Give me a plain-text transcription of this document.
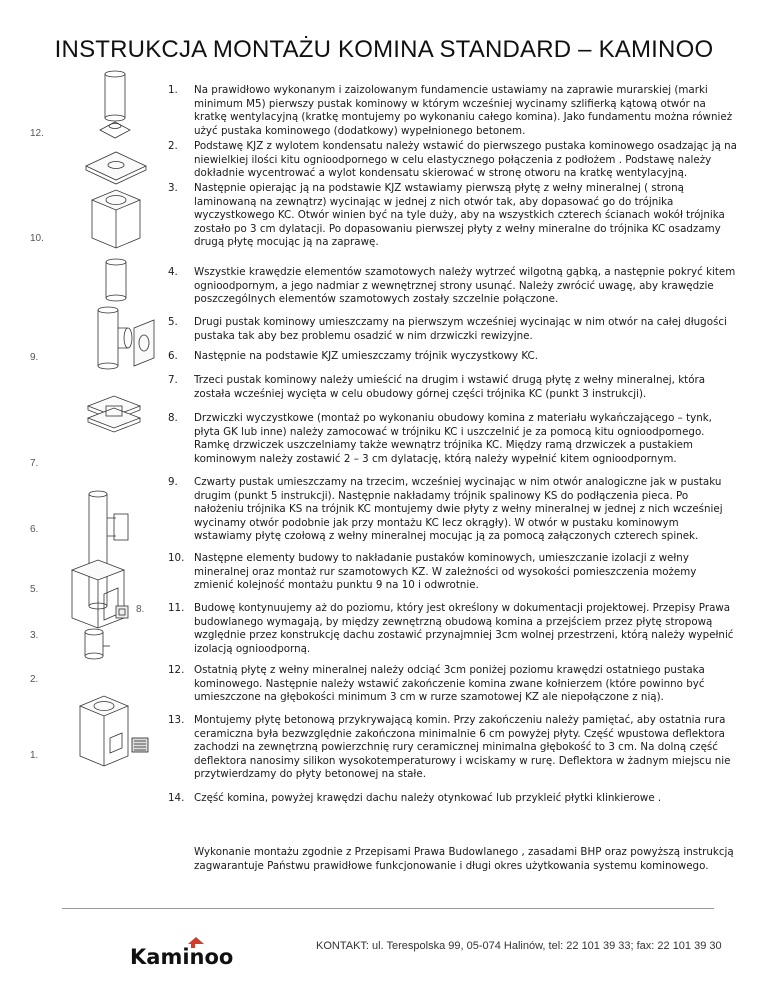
INSTRUKCJA MONTAŻU KOMINA STANDARD – KAMINOO
12.
10.
9.
7.
6.
5.
8.
3.
2.
1.
1.	Na prawidłowo wykonanym i zaizolowanym fundamencie ustawiamy na zaprawie murarskiej (marki minimum M5) pierwszy pustak kominowy w którym wcześniej wycinamy szlifierką kątową otwór na kratkę wentylacyjną (kratkę montujemy po wykonaniu całego komina). Jako fundamentu można również użyć pustaka kominowego (dodatkowy) wypełnionego betonem.
2.	Podstawę KJZ z wylotem kondensatu należy wstawić do pierwszego pustaka kominowego osadzając ją na niewielkiej ilości kitu ognioodpornego w celu elastycznego połączenia z podłożem . Podstawę należy dokładnie wycentrować a wylot kondensatu skierować w stronę otworu na kratkę wentylacyjną.
3.	Następnie opierając ją na podstawie KJZ wstawiamy pierwszą płytę z wełny mineralnej ( stroną laminowaną na zewnątrz) wycinając w jednej z nich otwór tak, aby dopasować go do trójnika wyczystkowego KC. Otwór winien być na tyle duży, aby na wszystkich czterech ścianach wokół trójnika zostało po 3 cm dylatacji. Po dopasowaniu pierwszej płyty z wełny mineralne do trójnika KC osadzamy drugą płytę mocując ją na zaprawę.
4.	Wszystkie krawędzie elementów szamotowych należy wytrzeć wilgotną gąbką, a następnie pokryć kitem ognioodpornym, a jego nadmiar z wewnętrznej strony usunąć. Należy zwrócić uwagę, aby krawędzie poszczególnych elementów szamotowych zostały szczelnie połączone.
5.	Drugi pustak kominowy umieszczamy na pierwszym wcześniej wycinając w nim otwór na całej długości pustaka tak aby bez problemu osadzić w nim drzwiczki rewizyjne.
6.	Następnie na podstawie KJZ umieszczamy trójnik wyczystkowy KC.
7.	Trzeci pustak kominowy należy umieścić na drugim i wstawić drugą płytę z wełny mineralnej, która została wcześniej wycięta w celu obudowy górnej części trójnika KC (punkt 3 instrukcji).
8.	Drzwiczki wyczystkowe (montaż po wykonaniu obudowy komina z materiału wykańczającego – tynk, płyta GK lub inne) należy zamocować w trójniku KC i uszczelnić je za pomocą kitu ognioodpornego. Ramkę drzwiczek uszczelniamy także wewnątrz trójnika KC. Między ramą drzwiczek a pustakiem kominowym należy zostawić 2 – 3 cm dylatację, którą należy wypełnić kitem ognioodpornym.
9.	Czwarty pustak umieszczamy na trzecim, wcześniej wycinając w nim otwór analogiczne jak w pustaku drugim (punkt 5 instrukcji). Następnie nakładamy trójnik spalinowy KS do podłączenia pieca. Po nałożeniu trójnika KS na trójnik KC montujemy dwie płyty z wełny mineralnej w jednej z nich wcześniej wycinamy otwór podobnie jak przy montażu KC lecz okrągły). W otwór w pustaku kominowym wstawiamy płytę czołową z wełny mineralnej mocując ją za pomocą załączonych czterech spinek.
10. Następne elementy budowy to nakładanie pustaków kominowych, umieszczanie izolacji z wełny mineralnej oraz montaż rur szamotowych KZ. W zależności od wysokości pomieszczenia możemy zmienić kolejność montażu punktu 9 na 10 i odwrotnie.
11. Budowę kontynuujemy aż do poziomu, który jest określony w dokumentacji projektowej. Przepisy Prawa budowlanego wymagają, by między zewnętrzną obudową komina a przejściem przez płytę stropową względnie przez konstrukcję dachu zostawić przynajmniej 3cm wolnej przestrzeni, którą należy wypełnić izolacją ognioodporną.
12. Ostatnią płytę z wełny mineralnej należy odciąć 3cm poniżej poziomu krawędzi ostatniego pustaka kominowego. Następnie należy wstawić zakończenie komina zwane kołnierzem (które powinno być umieszczone na głębokości minimum 3 cm w rurze szamotowej KZ ale niepołączone z nią).
13. Montujemy płytę betonową przykrywającą komin. Przy zakończeniu należy pamiętać, aby ostatnia rura ceramiczna była bezwzględnie zakończona minimalnie 6 cm powyżej płyty. Część wpustowa deflektora zachodzi na zewnętrzną powierzchnię rury ceramicznej minimalna głębokość to 3 cm. Na dolną część deflektora nanosimy silikon wysokotemperaturowy i wciskamy w rurę. Deflektora w żadnym miejscu nie przytwierdzamy do płyty betonowej na stałe.
14. Część komina, powyżej krawędzi dachu należy otynkować lub przykleić płytki klinkierowe .
Wykonanie montażu zgodnie z Przepisami Prawa Budowlanego , zasadami BHP oraz powyższą instrukcją zagwarantuje Państwu prawidłowe funkcjonowanie i długi okres użytkowania systemu kominowego.
Kaminoo	KONTAKT: ul. Terespolska 99, 05-074 Halinów, tel: 22 101 39 33; fax: 22 101 39 30
